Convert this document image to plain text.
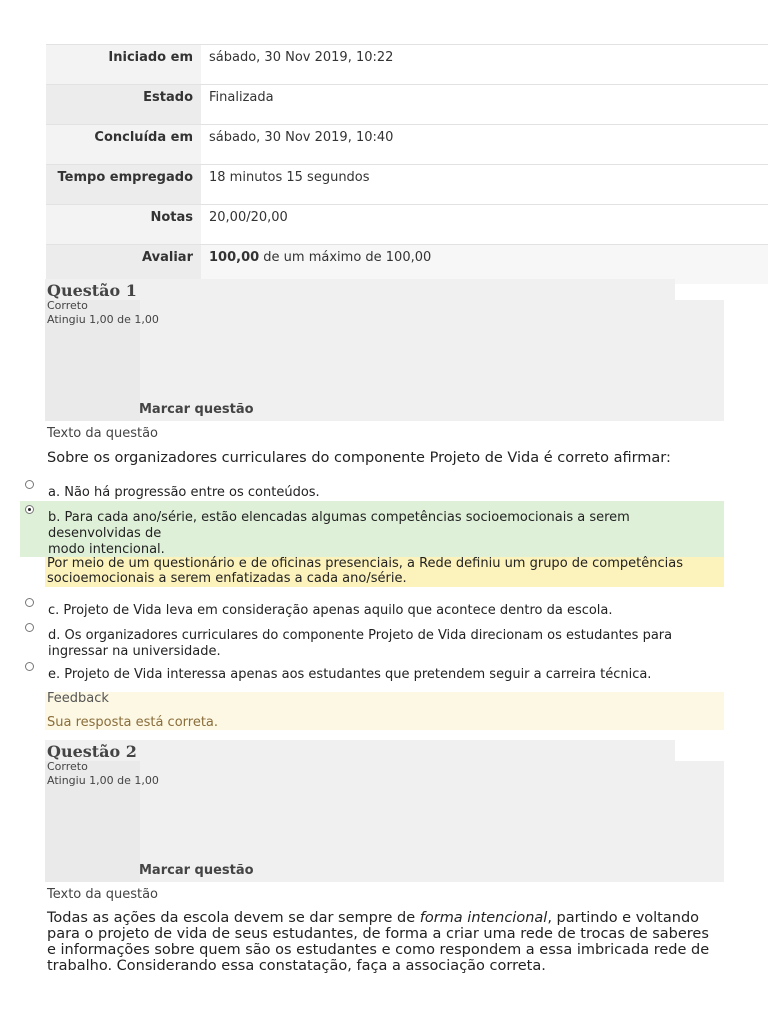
Iniciado em	sábado, 30 Nov 2019, 10:22
Estado	Finalizada
Concluída em	sábado, 30 Nov 2019, 10:40
Tempo empregado	18 minutos 15 segundos
Notas	20,00/20,00
Avaliar	100,00 de um máximo de 100,00
Questão 1
Correto
Atingiu 1,00 de 1,00
Marcar questão
Texto da questão
Sobre os organizadores curriculares do componente Projeto de Vida é correto afirmar:
a. Não há progressão entre os conteúdos.
b. Para cada ano/série, estão elencadas algumas competências socioemocionais a serem desenvolvidas de
modo intencional.
Por meio de um questionário e de oficinas presenciais, a Rede definiu um grupo de competências socioemocionais a serem enfatizadas a cada ano/série.
c. Projeto de Vida leva em consideração apenas aquilo que acontece dentro da escola.
d. Os organizadores curriculares do componente Projeto de Vida direcionam os estudantes para ingressar na universidade.
e. Projeto de Vida interessa apenas aos estudantes que pretendem seguir a carreira técnica.
Feedback
Sua resposta está correta.
Questão 2
Correto
Atingiu 1,00 de 1,00
Marcar questão
Texto da questão
Todas as ações da escola devem se dar sempre de forma intencional, partindo e voltando para o projeto de vida de seus estudantes, de forma a criar uma rede de trocas de saberes e informações sobre quem são os estudantes e como respondem a essa imbricada rede de trabalho. Considerando essa constatação, faça a associação correta.
